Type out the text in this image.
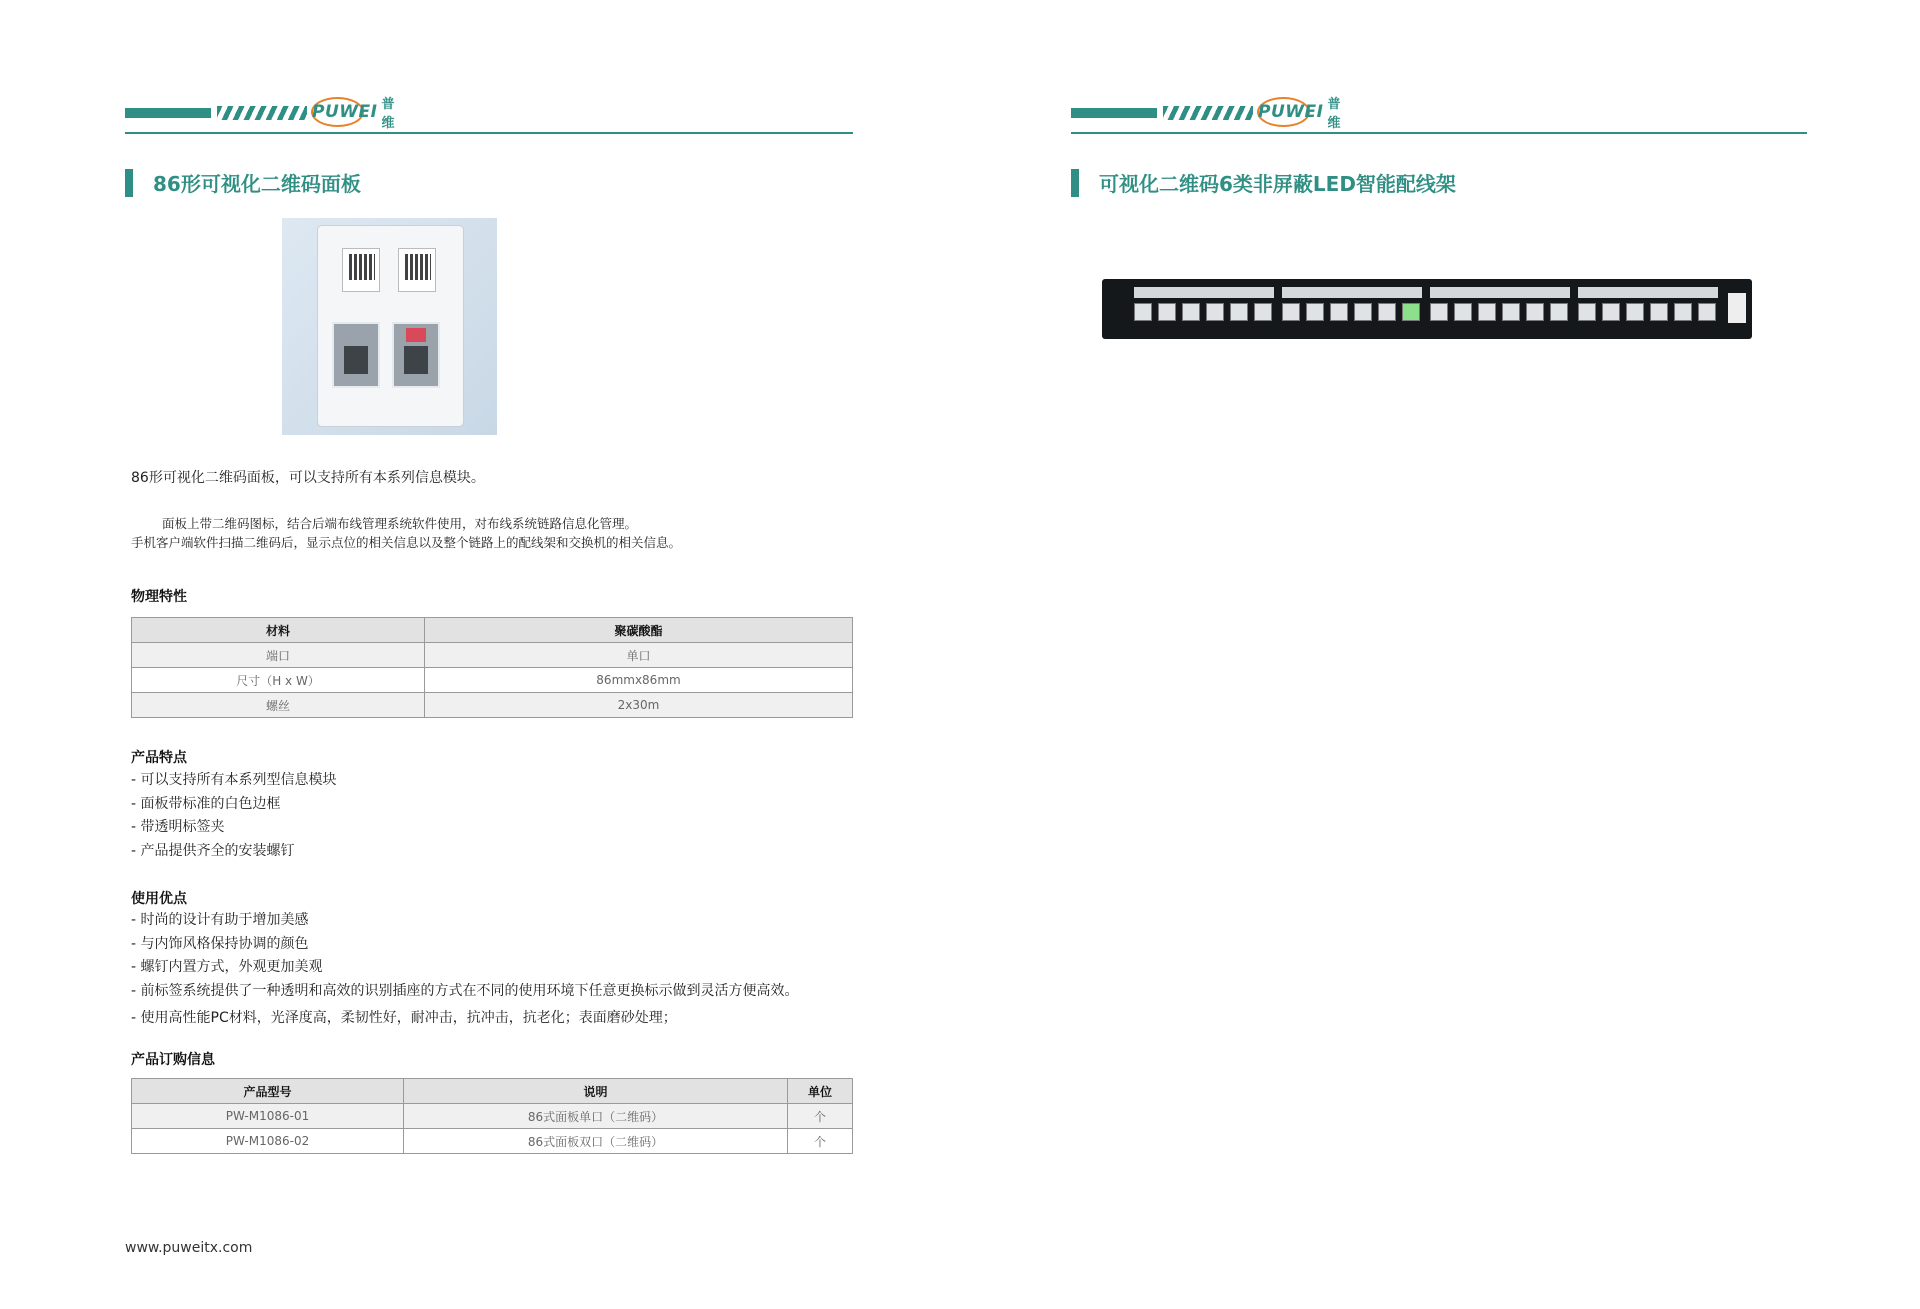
PUWEI 普维
86形可视化二维码面板
86形可视化二维码面板，可以支持所有本系列信息模块。
面板上带二维码图标，结合后端布线管理系统软件使用，对布线系统链路信息化管理。
手机客户端软件扫描二维码后，显示点位的相关信息以及整个链路上的配线架和交换机的相关信息。
物理特性
材料	聚碳酸酯
端口	单口
尺寸（H x W）	86mmx86mm
螺丝	2x30m
产品特点
- 可以支持所有本系列型信息模块
- 面板带标准的白色边框
- 带透明标签夹
- 产品提供齐全的安装螺钉
使用优点
- 时尚的设计有助于增加美感
- 与内饰风格保持协调的颜色
- 螺钉内置方式，外观更加美观
- 前标签系统提供了一种透明和高效的识别插座的方式在不同的使用环境下任意更换标示做到灵活方便高效。
- 使用高性能PC材料，光泽度高，柔韧性好，耐冲击，抗冲击，抗老化；表面磨砂处理；
产品订购信息
产品型号	说明	单位
PW-M1086-01	86式面板单口（二维码）	个
PW-M1086-02	86式面板双口（二维码）	个
www.puweitx.com
PUWEI 普维
可视化二维码6类非屏蔽LED智能配线架
